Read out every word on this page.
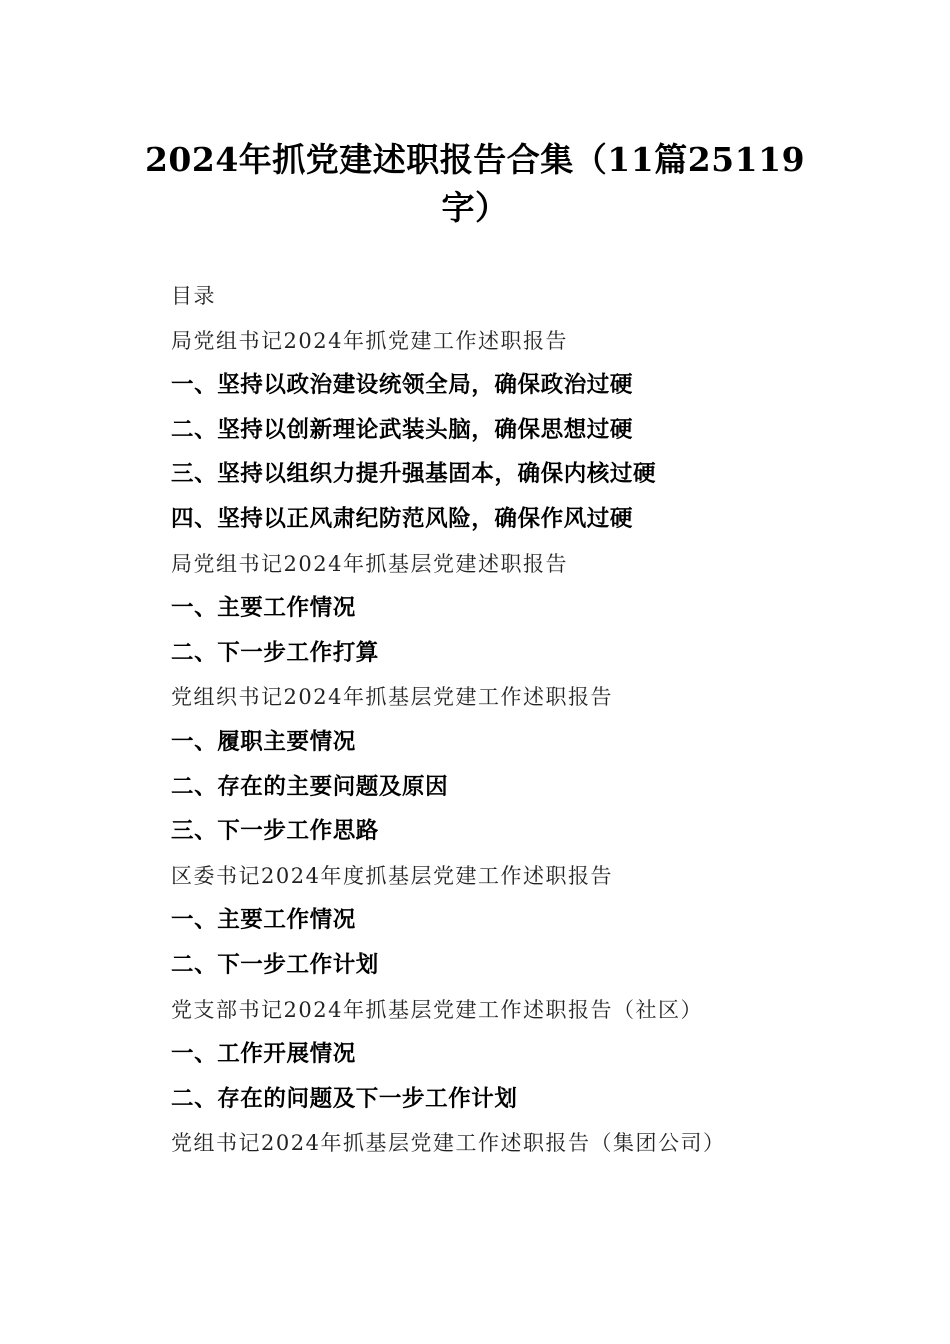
2024年抓党建述职报告合集（11篇25119
字）
目录
局党组书记2024年抓党建工作述职报告
一、坚持以政治建设统领全局，确保政治过硬
二、坚持以创新理论武装头脑，确保思想过硬
三、坚持以组织力提升强基固本，确保内核过硬
四、坚持以正风肃纪防范风险，确保作风过硬
局党组书记2024年抓基层党建述职报告
一、主要工作情况
二、下一步工作打算
党组织书记2024年抓基层党建工作述职报告
一、履职主要情况
二、存在的主要问题及原因
三、下一步工作思路
区委书记2024年度抓基层党建工作述职报告
一、主要工作情况
二、下一步工作计划
党支部书记2024年抓基层党建工作述职报告（社区）
一、工作开展情况
二、存在的问题及下一步工作计划
党组书记2024年抓基层党建工作述职报告（集团公司）
